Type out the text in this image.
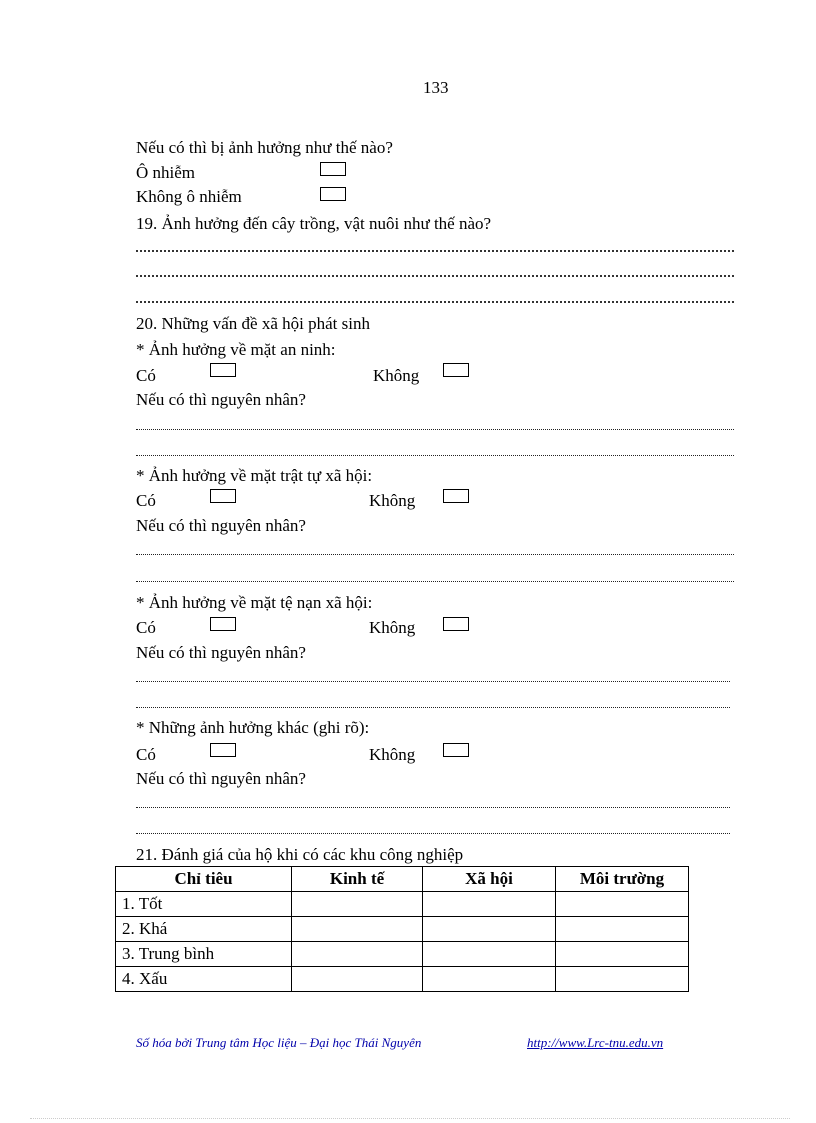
133
Nếu có thì bị ảnh hưởng như thế nào?
Ô nhiễm
Không ô nhiễm
19. Ảnh hưởng đến cây trồng, vật nuôi như thế nào?
20. Những vấn đề xã hội phát sinh
* Ảnh hưởng về mặt an ninh:
Có	Không
Nếu có thì nguyên nhân?
* Ảnh hưởng về mặt trật tự xã hội:
Có	Không
Nếu có thì nguyên nhân?
* Ảnh hưởng về mặt tệ nạn xã hội:
Có	Không
Nếu có thì nguyên nhân?
* Những ảnh hưởng khác (ghi rõ):
Có	Không
Nếu có thì nguyên nhân?
21. Đánh giá của hộ khi có các khu công nghiệp
Chỉ tiêu	Kinh tế	Xã hội	Môi trường
1. Tốt			
2. Khá			
3. Trung bình			
4. Xấu			
Số hóa bởi Trung tâm Học liệu – Đại học Thái Nguyên	http://www.Lrc-tnu.edu.vn
